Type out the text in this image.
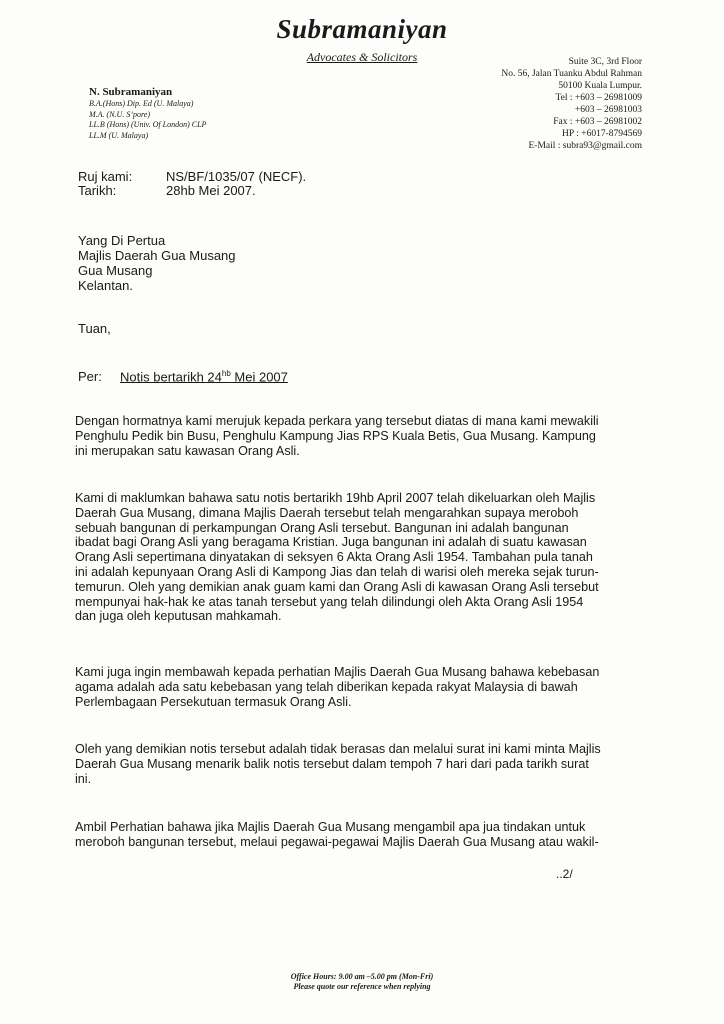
Subramaniyan
Advocates & Solicitors	Suite 3C, 3rd Floor
No. 56, Jalan Tuanku Abdul Rahman
50100 Kuala Lumpur.
Tel : +603 – 26981009
+603 – 26981003
Fax : +603 – 26981002
HP : +6017-8794569
E-Mail : subra93@gmail.com
N. Subramaniyan
B.A.(Hons) Dip. Ed (U. Malaya)
M.A. (N.U. S’pore)
LL.B (Hons) (Univ. Of London) CLP
LL.M (U. Malaya)
Ruj kami:	NS/BF/1035/07 (NECF).
Tarikh:	28hb Mei 2007.
Yang Di Pertua
Majlis Daerah Gua Musang
Gua Musang
Kelantan.
Tuan,
Per: Notis bertarikh $24^{hb}$ Mei 2007
Dengan hormatnya kami merujuk kepada perkara yang tersebut diatas di mana kami mewakili
Penghulu Pedik bin Busu, Penghulu Kampung Jias RPS Kuala Betis, Gua Musang. Kampung
ini merupakan satu kawasan Orang Asli.
Kami di maklumkan bahawa satu notis bertarikh 19hb April 2007 telah dikeluarkan oleh Majlis
Daerah Gua Musang, dimana Majlis Daerah tersebut telah mengarahkan supaya meroboh
sebuah bangunan di perkampungan Orang Asli tersebut. Bangunan ini adalah bangunan
ibadat bagi Orang Asli yang beragama Kristian. Juga bangunan ini adalah di suatu kawasan
Orang Asli sepertimana dinyatakan di seksyen 6 Akta Orang Asli 1954. Tambahan pula tanah
ini adalah kepunyaan Orang Asli di Kampong Jias dan telah di warisi oleh mereka sejak turun-
temurun. Oleh yang demikian anak guam kami dan Orang Asli di kawasan Orang Asli tersebut
mempunyai hak-hak ke atas tanah tersebut yang telah dilindungi oleh Akta Orang Asli 1954
dan juga oleh keputusan mahkamah.
Kami juga ingin membawah kepada perhatian Majlis Daerah Gua Musang bahawa kebebasan
agama adalah ada satu kebebasan yang telah diberikan kepada rakyat Malaysia di bawah
Perlembagaan Persekutuan termasuk Orang Asli.
Oleh yang demikian notis tersebut adalah tidak berasas dan melalui surat ini kami minta Majlis
Daerah Gua Musang menarik balik notis tersebut dalam tempoh 7 hari dari pada tarikh surat
ini.
Ambil Perhatian bahawa jika Majlis Daerah Gua Musang mengambil apa jua tindakan untuk
meroboh bangunan tersebut, melaui pegawai-pegawai Majlis Daerah Gua Musang atau wakil-
..2/
Office Hours: 9.00 am –5.00 pm (Mon-Fri)
Please quote our reference when replying
